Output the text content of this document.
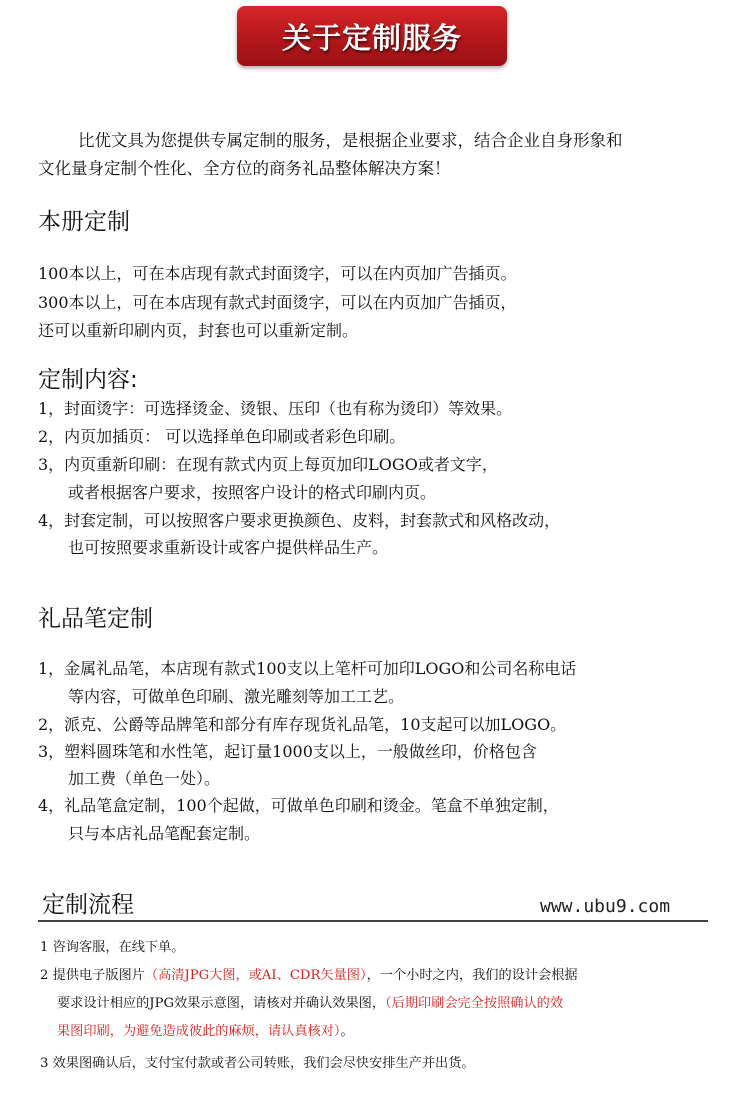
关于定制服务
比优文具为您提供专属定制的服务，是根据企业要求，结合企业自身形象和
文化量身定制个性化、全方位的商务礼品整体解决方案！
本册定制
100本以上，可在本店现有款式封面烫字，可以在内页加广告插页。
300本以上，可在本店现有款式封面烫字，可以在内页加广告插页，
还可以重新印刷内页，封套也可以重新定制。
定制内容:
1，封面烫字：可选择烫金、烫银、压印（也有称为烫印）等效果。
2，内页加插页： 可以选择单色印刷或者彩色印刷。
3，内页重新印刷：在现有款式内页上每页加印LOGO或者文字，
或者根据客户要求，按照客户设计的格式印刷内页。
4，封套定制，可以按照客户要求更换颜色、皮料，封套款式和风格改动，
也可按照要求重新设计或客户提供样品生产。
礼品笔定制
1，金属礼品笔，本店现有款式100支以上笔杆可加印LOGO和公司名称电话
等内容，可做单色印刷、激光雕刻等加工工艺。
2，派克、公爵等品牌笔和部分有库存现货礼品笔，10支起可以加LOGO。
3，塑料圆珠笔和水性笔，起订量1000支以上，一般做丝印，价格包含
加工费（单色一处）。
4，礼品笔盒定制，100个起做，可做单色印刷和烫金。笔盒不单独定制，
只与本店礼品笔配套定制。
定制流程	www.ubu9.com
1 咨询客服，在线下单。
2 提供电子版图片（高清JPG大图，或AI、CDR矢量图），一个小时之内，我们的设计会根据
要求设计相应的JPG效果示意图，请核对并确认效果图，（后期印刷会完全按照确认的效
果图印刷，为避免造成彼此的麻烦，请认真核对）。
3 效果图确认后，支付宝付款或者公司转账，我们会尽快安排生产并出货。
